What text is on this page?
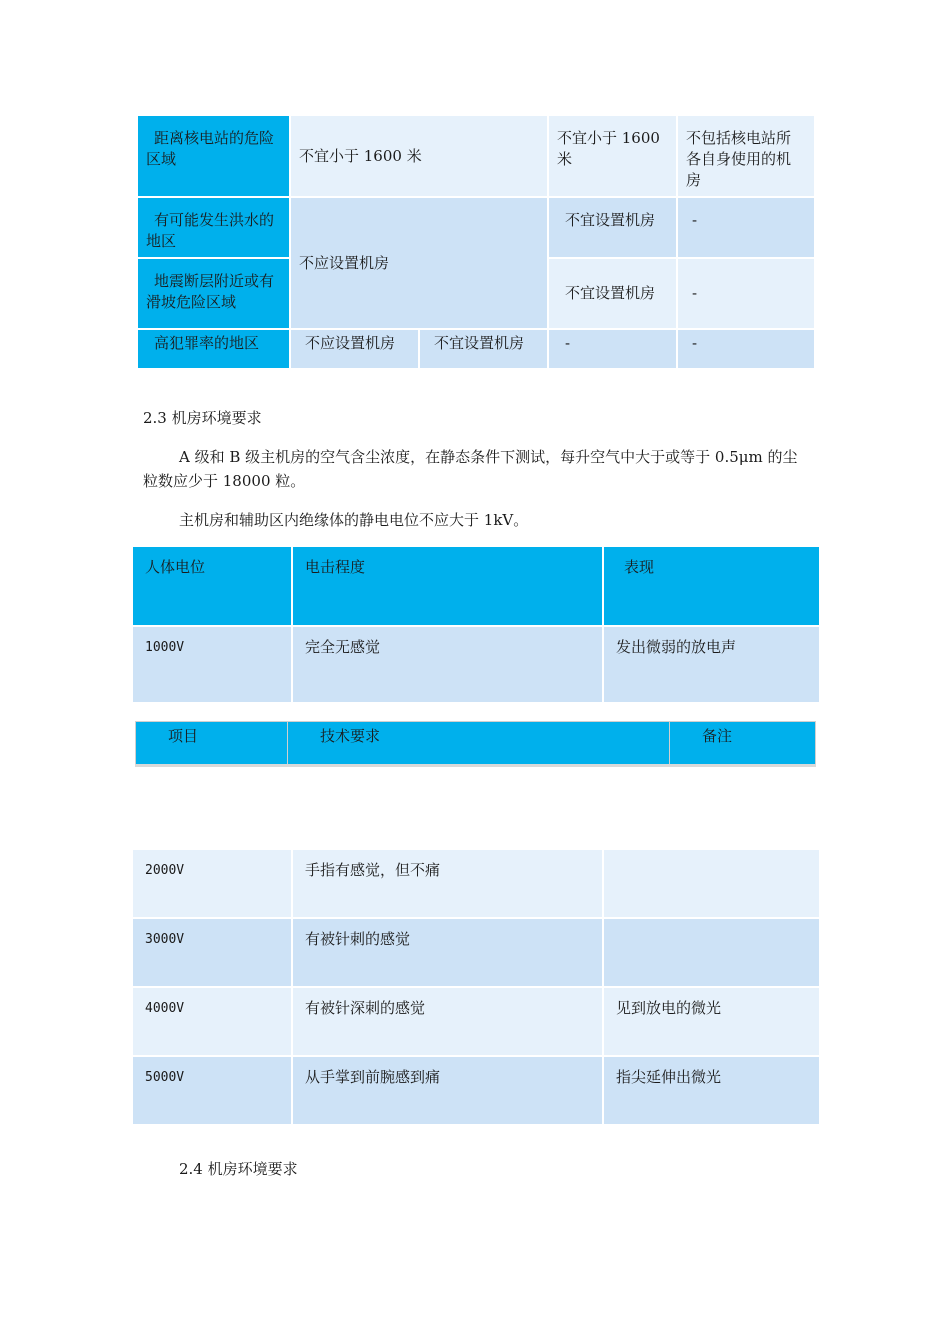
距离核电站的危险区域	不宜小于 1600 米		不宜小于 1600 米	不包括核电站所各自身使用的机房
有可能发生洪水的地区	不应设置机房		不宜设置机房	-
地震断层附近或有滑坡危险区域			不宜设置机房	-
高犯罪率的地区	不应设置机房	不宜设置机房	-	-

2.3 机房环境要求

A 级和 B 级主机房的空气含尘浓度，在静态条件下测试，每升空气中大于或等于 0.5μm 的尘粒数应少于 18000 粒。

主机房和辅助区内绝缘体的静电电位不应大于 1kV。

人体电位	电击程度	表现
1000V	完全无感觉	发出微弱的放电声
项目	技术要求	备注
2000V	手指有感觉，但不痛	
3000V	有被针刺的感觉	
4000V	有被针深刺的感觉	见到放电的微光
5000V	从手掌到前腕感到痛	指尖延伸出微光

2.4 机房环境要求
